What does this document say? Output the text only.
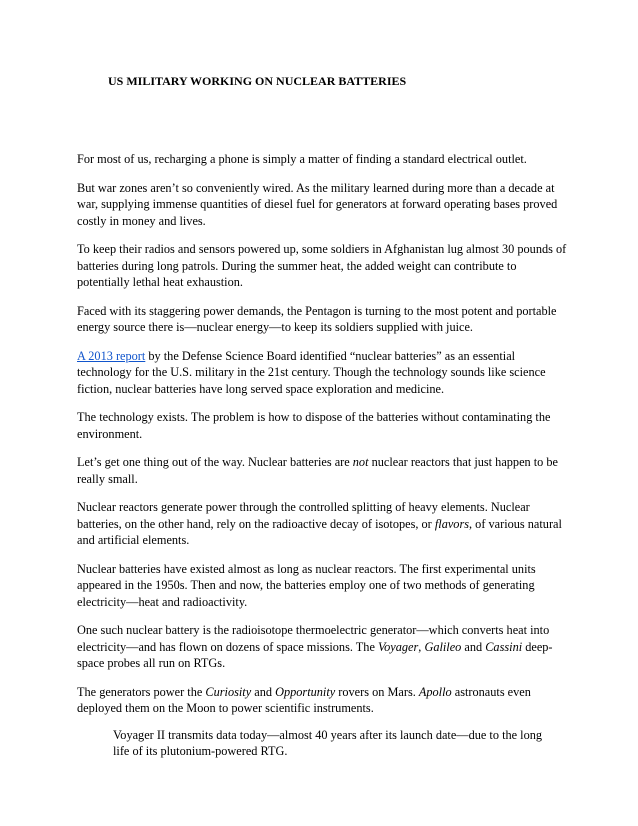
US MILITARY WORKING ON NUCLEAR BATTERIES

For most of us, recharging a phone is simply a matter of finding a standard electrical outlet.

But war zones aren’t so conveniently wired. As the military learned during more than a decade at war, supplying immense quantities of diesel fuel for generators at forward operating bases proved costly in money and lives.

To keep their radios and sensors powered up, some soldiers in Afghanistan lug almost 30 pounds of batteries during long patrols. During the summer heat, the added weight can contribute to potentially lethal heat exhaustion.

Faced with its staggering power demands, the Pentagon is turning to the most potent and portable energy source there is—nuclear energy—to keep its soldiers supplied with juice.

A 2013 report by the Defense Science Board identified “nuclear batteries” as an essential technology for the U.S. military in the 21st century. Though the technology sounds like science fiction, nuclear batteries have long served space exploration and medicine.

The technology exists. The problem is how to dispose of the batteries without contaminating the environment.

Let’s get one thing out of the way. Nuclear batteries are not nuclear reactors that just happen to be really small.

Nuclear reactors generate power through the controlled splitting of heavy elements. Nuclear batteries, on the other hand, rely on the radioactive decay of isotopes, or flavors, of various natural and artificial elements.

Nuclear batteries have existed almost as long as nuclear reactors. The first experimental units appeared in the 1950s. Then and now, the batteries employ one of two methods of generating electricity—heat and radioactivity.

One such nuclear battery is the radioisotope thermoelectric generator—which converts heat into electricity—and has flown on dozens of space missions. The Voyager, Galileo and Cassini deep-space probes all run on RTGs.

The generators power the Curiosity and Opportunity rovers on Mars. Apollo astronauts even deployed them on the Moon to power scientific instruments.

Voyager II transmits data today—almost 40 years after its launch date—due to the long life of its plutonium-powered RTG.
